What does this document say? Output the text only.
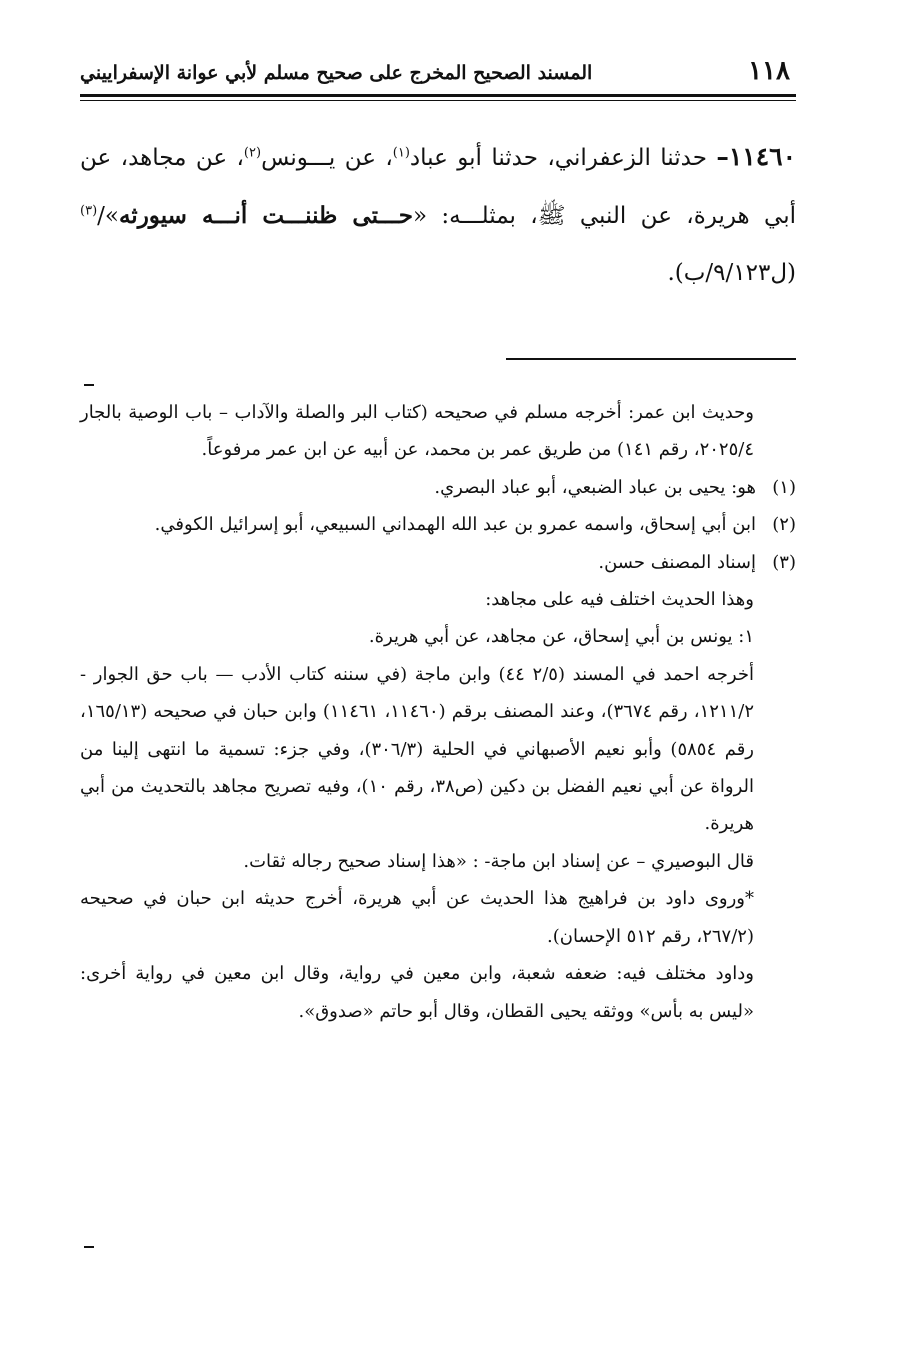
١١٨
المسند الصحيح المخرج على صحيح مسلم لأبي عوانة الإسفراييني
١١٤٦٠– حدثنا الزعفراني، حدثنا أبو عباد$^{(١)}$، عن يـــونس$^{(٢)}$، عن مجاهد، عن أبي هريرة، عن النبي ﷺ، بمثلـــه: «حـــتى ظننـــت أنـــه سيورثه»/$^{(٣)}$(ل٩/١٢٣/ب).

وحديث ابن عمر: أخرجه مسلم في صحيحه (كتاب البر والصلة والآداب – باب الوصية بالجار ٢٠٢٥/٤، رقم ١٤١) من طريق عمر بن محمد، عن أبيه عن ابن عمر مرفوعاً.

(١)هو: يحيى بن عباد الضبعي، أبو عباد البصري.

(٢)ابن أبي إسحاق، واسمه عمرو بن عبد الله الهمداني السبيعي، أبو إسرائيل الكوفي.

(٣)إسناد المصنف حسن.

وهذا الحديث اختلف فيه على مجاهد:

١: يونس بن أبي إسحاق، عن مجاهد، عن أبي هريرة.

أخرجه احمد في المسند (٢/٥ ٤٤) وابن ماجة (في سننه كتاب الأدب — باب حق الجوار - ١٢١١/٢، رقم ٣٦٧٤)، وعند المصنف برقم (١١٤٦٠، ١١٤٦١) وابن حبان في صحيحه (١٦٥/١٣، رقم ٥٨٥٤) وأبو نعيم الأصبهاني في الحلية (٣٠٦/٣)، وفي جزء: تسمية ما انتهى إلينا من الرواة عن أبي نعيم الفضل بن دكين (ص٣٨، رقم ١٠)، وفيه تصريح مجاهد بالتحديث من أبي هريرة.

قال البوصيري – عن إسناد ابن ماجة- : «هذا إسناد صحيح رجاله ثقات.

*وروى داود بن فراهيج هذا الحديث عن أبي هريرة، أخرج حديثه ابن حبان في صحيحه (٢٦٧/٢، رقم ٥١٢ الإحسان).

وداود مختلف فيه: ضعفه شعبة، وابن معين في رواية، وقال ابن معين في رواية أخرى: «ليس به بأس» ووثقه يحيى القطان، وقال أبو حاتم «صدوق».
